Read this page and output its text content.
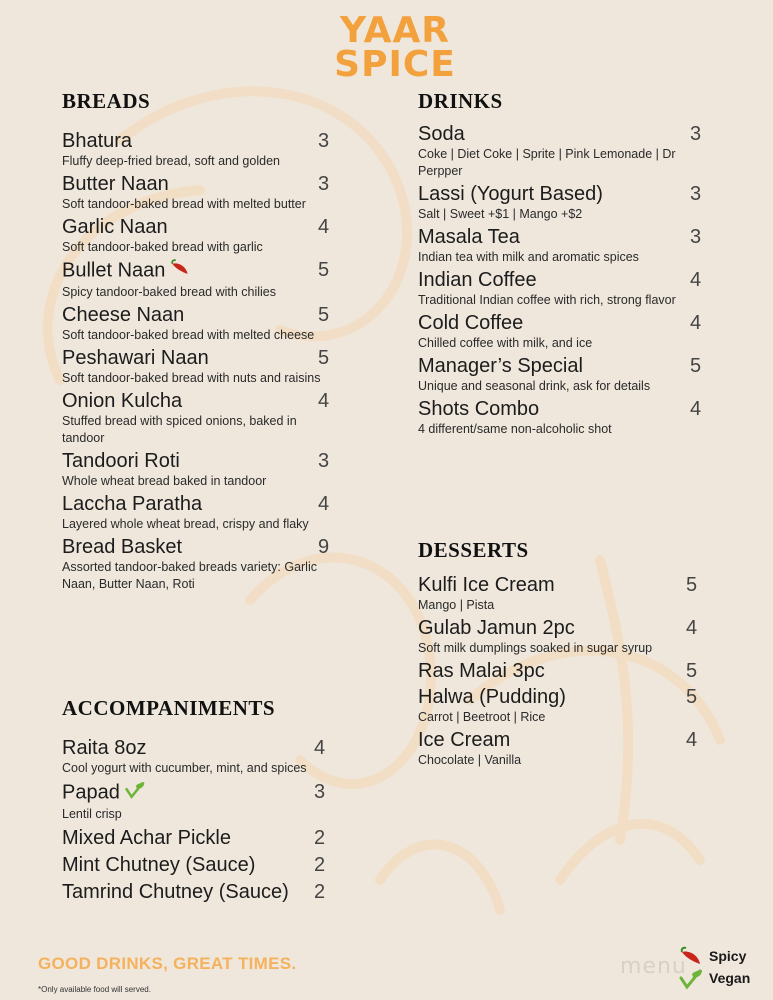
YAAR
SPICE
BREADS
Bhatura	3
Fluffy deep-fried bread, soft and golden
Butter Naan	3
Soft tandoor-baked bread with melted butter
Garlic Naan	4
Soft tandoor-baked bread with garlic
Bullet Naan	5
Spicy tandoor-baked bread with chilies
Cheese Naan	5
Soft tandoor-baked bread with melted cheese
Peshawari Naan	5
Soft tandoor-baked bread with nuts and raisins
Onion Kulcha	4
Stuffed bread with spiced onions, baked in tandoor
Tandoori Roti	3
Whole wheat bread baked in tandoor
Laccha Paratha	4
Layered whole wheat bread, crispy and flaky
Bread Basket	9
Assorted tandoor-baked breads variety: Garlic Naan, Butter Naan, Roti
ACCOMPANIMENTS
Raita 8oz	4
Cool yogurt with cucumber, mint, and spices
Papad	3
Lentil crisp
Mixed Achar Pickle	2
Mint Chutney (Sauce)	2
Tamrind Chutney (Sauce)	2
DRINKS
Soda	3
Coke | Diet Coke | Sprite | Pink Lemonade | Dr Perpper
Lassi (Yogurt Based)	3
Salt | Sweet +$1 | Mango +$2
Masala Tea	3
Indian tea with milk and aromatic spices
Indian Coffee	4
Traditional Indian coffee with rich, strong flavor
Cold Coffee	4
Chilled coffee with milk, and ice
Manager’s Special	5
Unique and seasonal drink, ask for details
Shots Combo	4
4 different/same non-alcoholic shot
DESSERTS
Kulfi Ice Cream	5
Mango | Pista
Gulab Jamun 2pc	4
Soft milk dumplings soaked in sugar syrup
Ras Malai 3pc	5
Halwa (Pudding)	5
Carrot | Beetroot | Rice
Ice Cream	4
Chocolate | Vanilla
GOOD DRINKS, GREAT TIMES.
*Only available food will served.
menu Spicy
Vegan
